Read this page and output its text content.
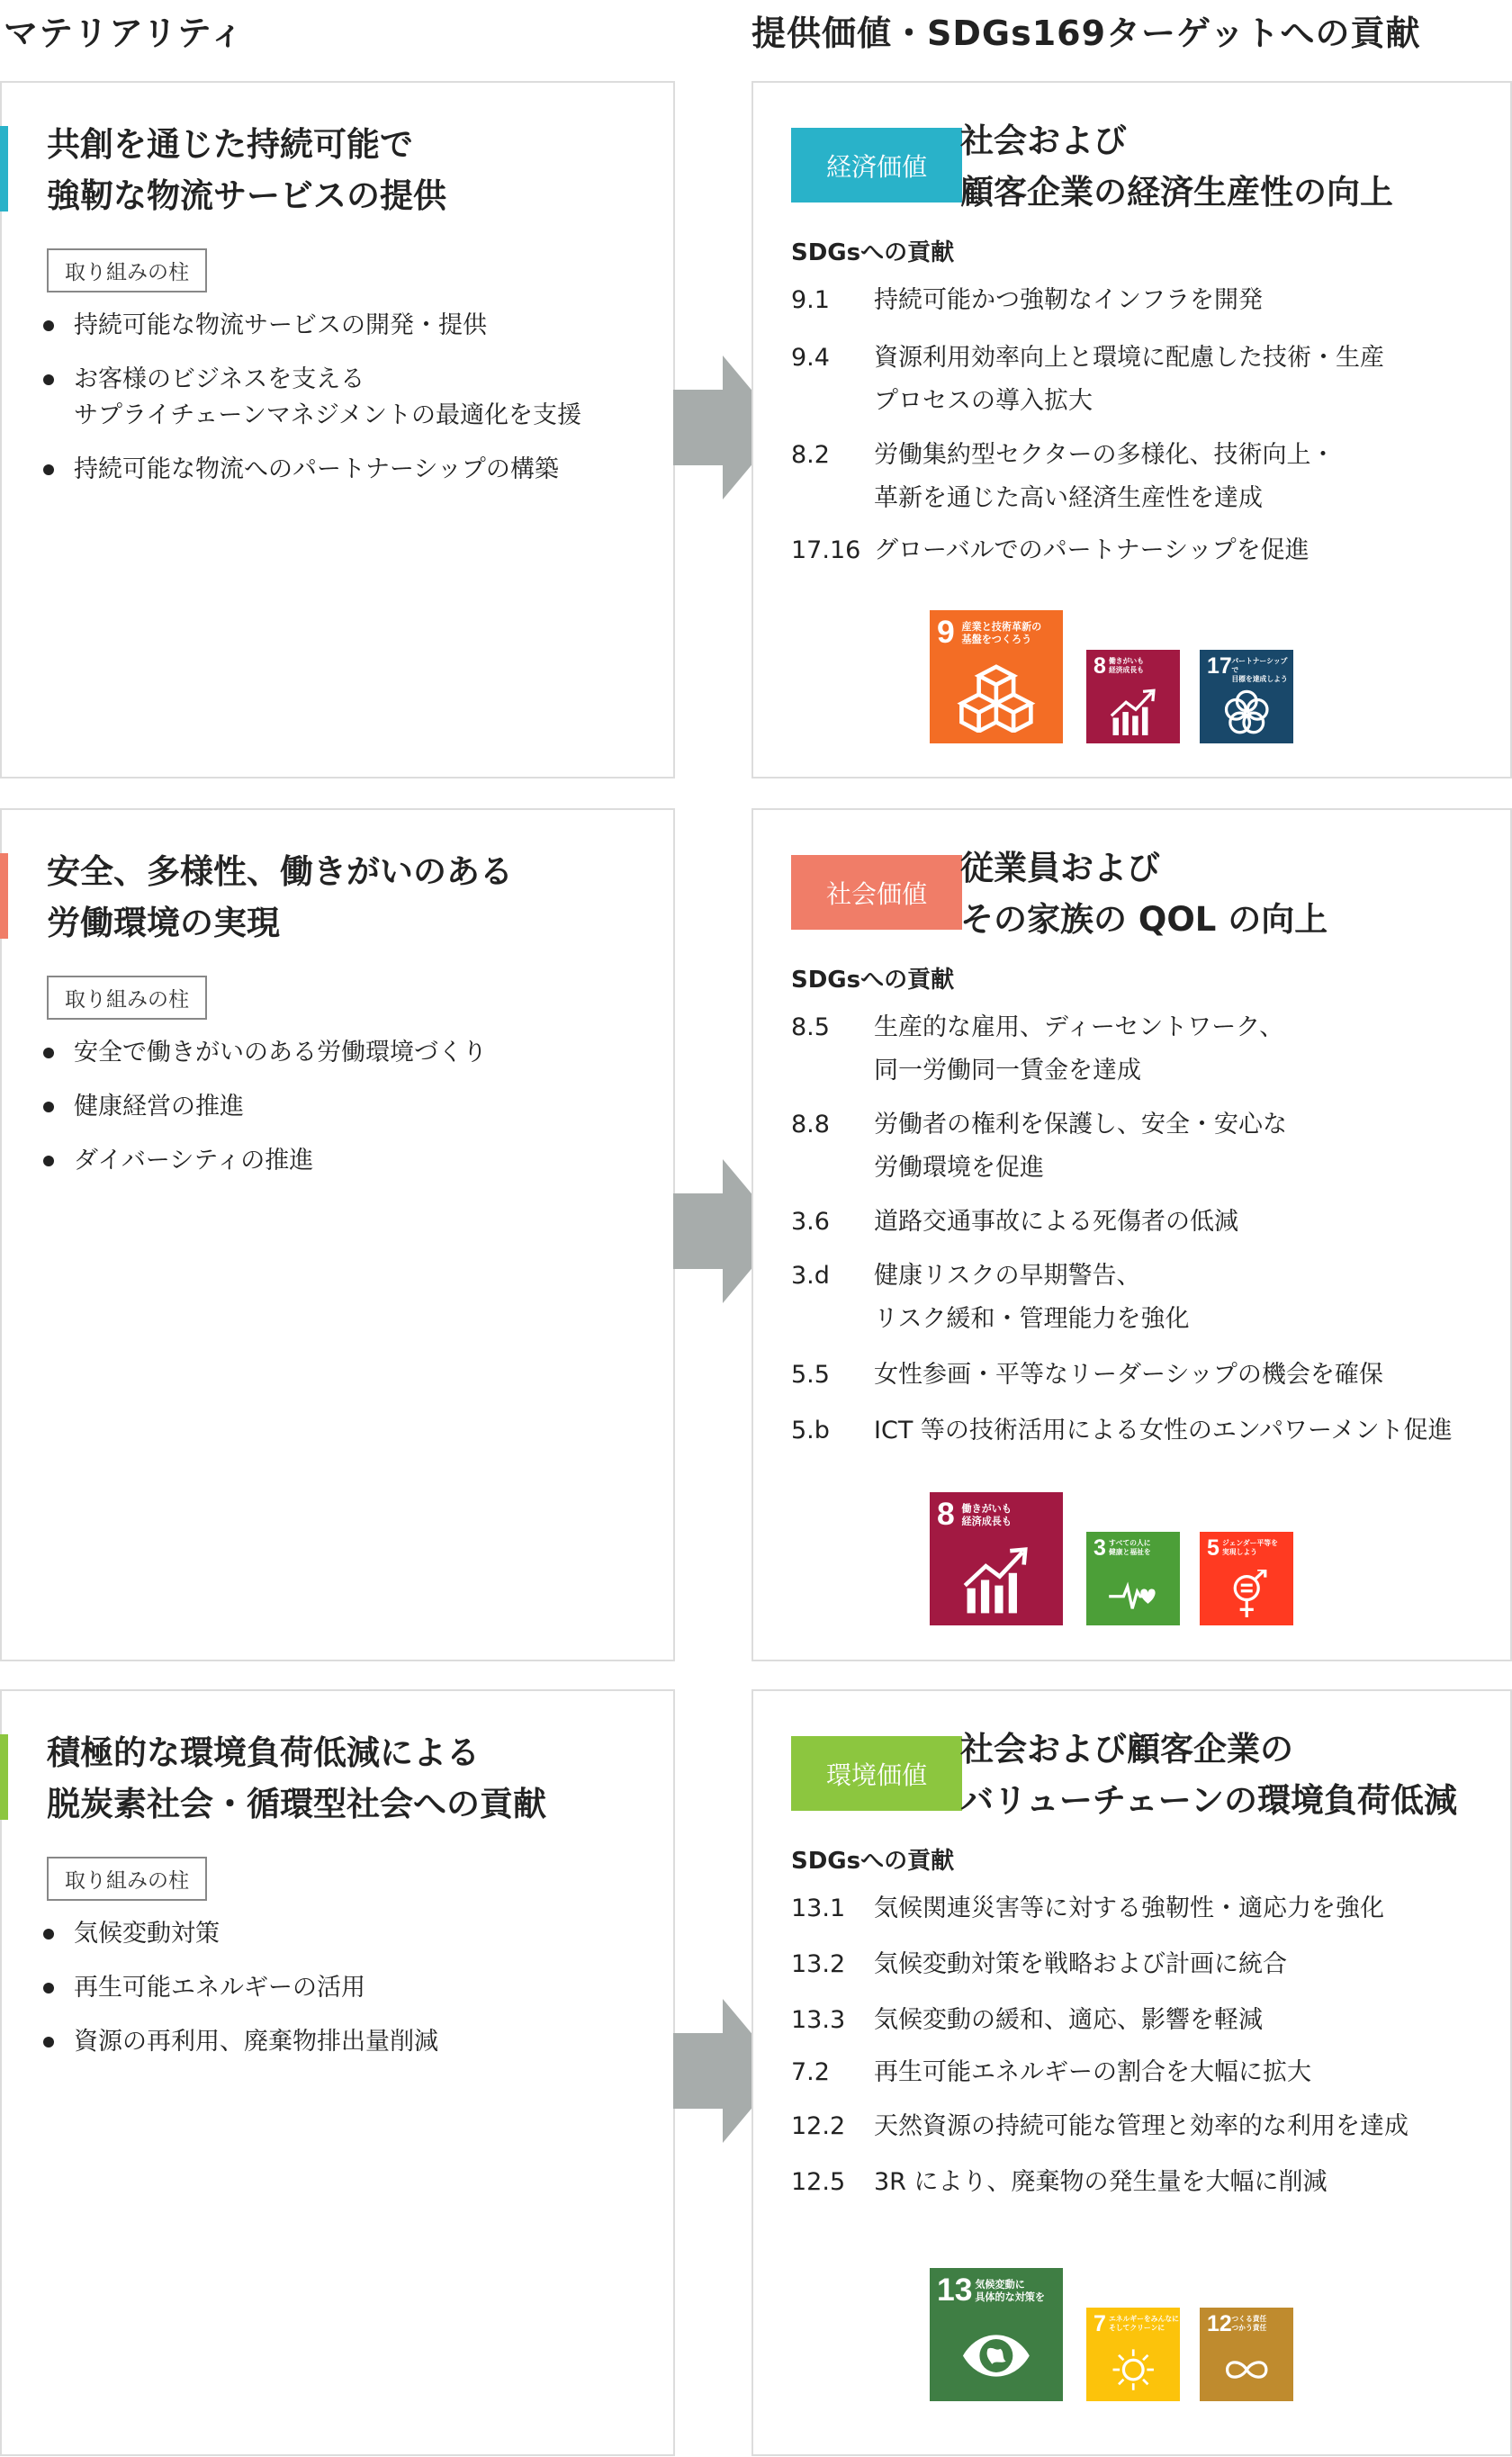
マテリアリティ	提供価値・SDGs169ターゲットへの貢献
共創を通じた持続可能で
強靭な物流サービスの提供
取り組みの柱
持続可能な物流サービスの開発・提供
お客様のビジネスを支える
サプライチェーンマネジメントの最適化を支援
持続可能な物流へのパートナーシップの構築
経済価値
社会および
顧客企業の経済生産性の向上
SDGsへの貢献
9.1	持続可能かつ強靭なインフラを開発
9.4	資源利用効率向上と環境に配慮した技術・生産
プロセスの導入拡大
8.2	労働集約型セクターの多様化、技術向上・
革新を通じた高い経済生産性を達成
17.16 グローバルでのパートナーシップを促進
9 産業と技術革新の
基盤をつくろう
8 働きがいも
経済成長も	17 パートナーシップで
目標を達成しよう
安全、多様性、働きがいのある
労働環境の実現
取り組みの柱
安全で働きがいのある労働環境づくり
健康経営の推進
ダイバーシティの推進
社会価値
従業員および
その家族の QOL の向上
SDGsへの貢献
8.5	生産的な雇用、ディーセントワーク、
同一労働同一賃金を達成
8.8	労働者の権利を保護し、安全・安心な
労働環境を促進
3.6	道路交通事故による死傷者の低減
3.d	健康リスクの早期警告、
リスク緩和・管理能力を強化
5.5	女性参画・平等なリーダーシップの機会を確保
5.b	ICT 等の技術活用による女性のエンパワーメント促進
8 働きがいも
経済成長も
3 すべての人に
健康と福祉を 5 ジェンダー平等を
実現しよう
積極的な環境負荷低減による
脱炭素社会・循環型社会への貢献
取り組みの柱
気候変動対策
再生可能エネルギーの活用
資源の再利用、廃棄物排出量削減
環境価値
社会および顧客企業の
バリューチェーンの環境負荷低減
SDGsへの貢献
13.1	気候関連災害等に対する強靭性・適応力を強化
13.2	気候変動対策を戦略および計画に統合
13.3	気候変動の緩和、適応、影響を軽減
7.2	再生可能エネルギーの割合を大幅に拡大
12.2	天然資源の持続可能な管理と効率的な利用を達成
12.5	3R により、廃棄物の発生量を大幅に削減
13 気候変動に
具体的な対策を
7 エネルギーをみんなに
そしてクリーンに	12 つくる責任
つかう責任
